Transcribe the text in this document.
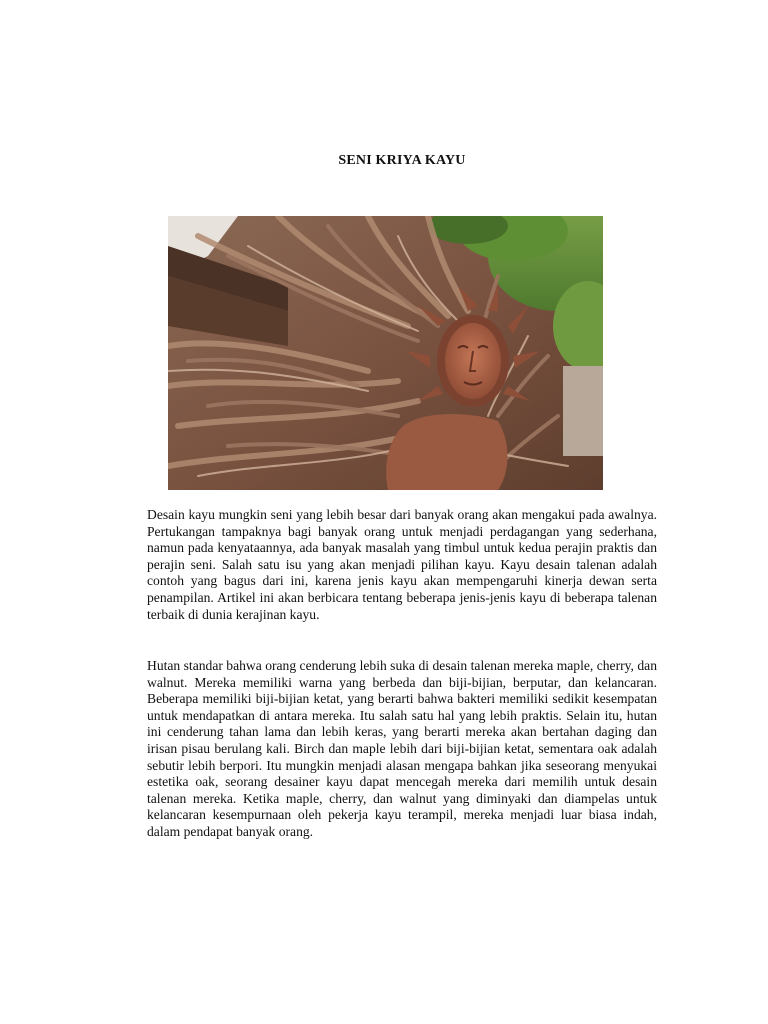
SENI KRIYA KAYU

Desain kayu mungkin seni yang lebih besar dari banyak orang akan mengakui pada awalnya. Pertukangan tampaknya bagi banyak orang untuk menjadi perdagangan yang sederhana, namun pada kenyataannya, ada banyak masalah yang timbul untuk kedua perajin praktis dan perajin seni. Salah satu isu yang akan menjadi pilihan kayu. Kayu desain talenan adalah contoh yang bagus dari ini, karena jenis kayu akan mempengaruhi kinerja dewan serta penampilan. Artikel ini akan berbicara tentang beberapa jenis-jenis kayu di beberapa talenan terbaik di dunia kerajinan kayu.

Hutan standar bahwa orang cenderung lebih suka di desain talenan mereka maple, cherry, dan walnut. Mereka memiliki warna yang berbeda dan biji-bijian, berputar, dan kelancaran. Beberapa memiliki biji-bijian ketat, yang berarti bahwa bakteri memiliki sedikit kesempatan untuk mendapatkan di antara mereka. Itu salah satu hal yang lebih praktis. Selain itu, hutan ini cenderung tahan lama dan lebih keras, yang berarti mereka akan bertahan daging dan irisan pisau berulang kali. Birch dan maple lebih dari biji-bijian ketat, sementara oak adalah sebutir lebih berpori. Itu mungkin menjadi alasan mengapa bahkan jika seseorang menyukai estetika oak, seorang desainer kayu dapat mencegah mereka dari memilih untuk desain talenan mereka. Ketika maple, cherry, dan walnut yang diminyaki dan diampelas untuk kelancaran kesempurnaan oleh pekerja kayu terampil, mereka menjadi luar biasa indah, dalam pendapat banyak orang.
